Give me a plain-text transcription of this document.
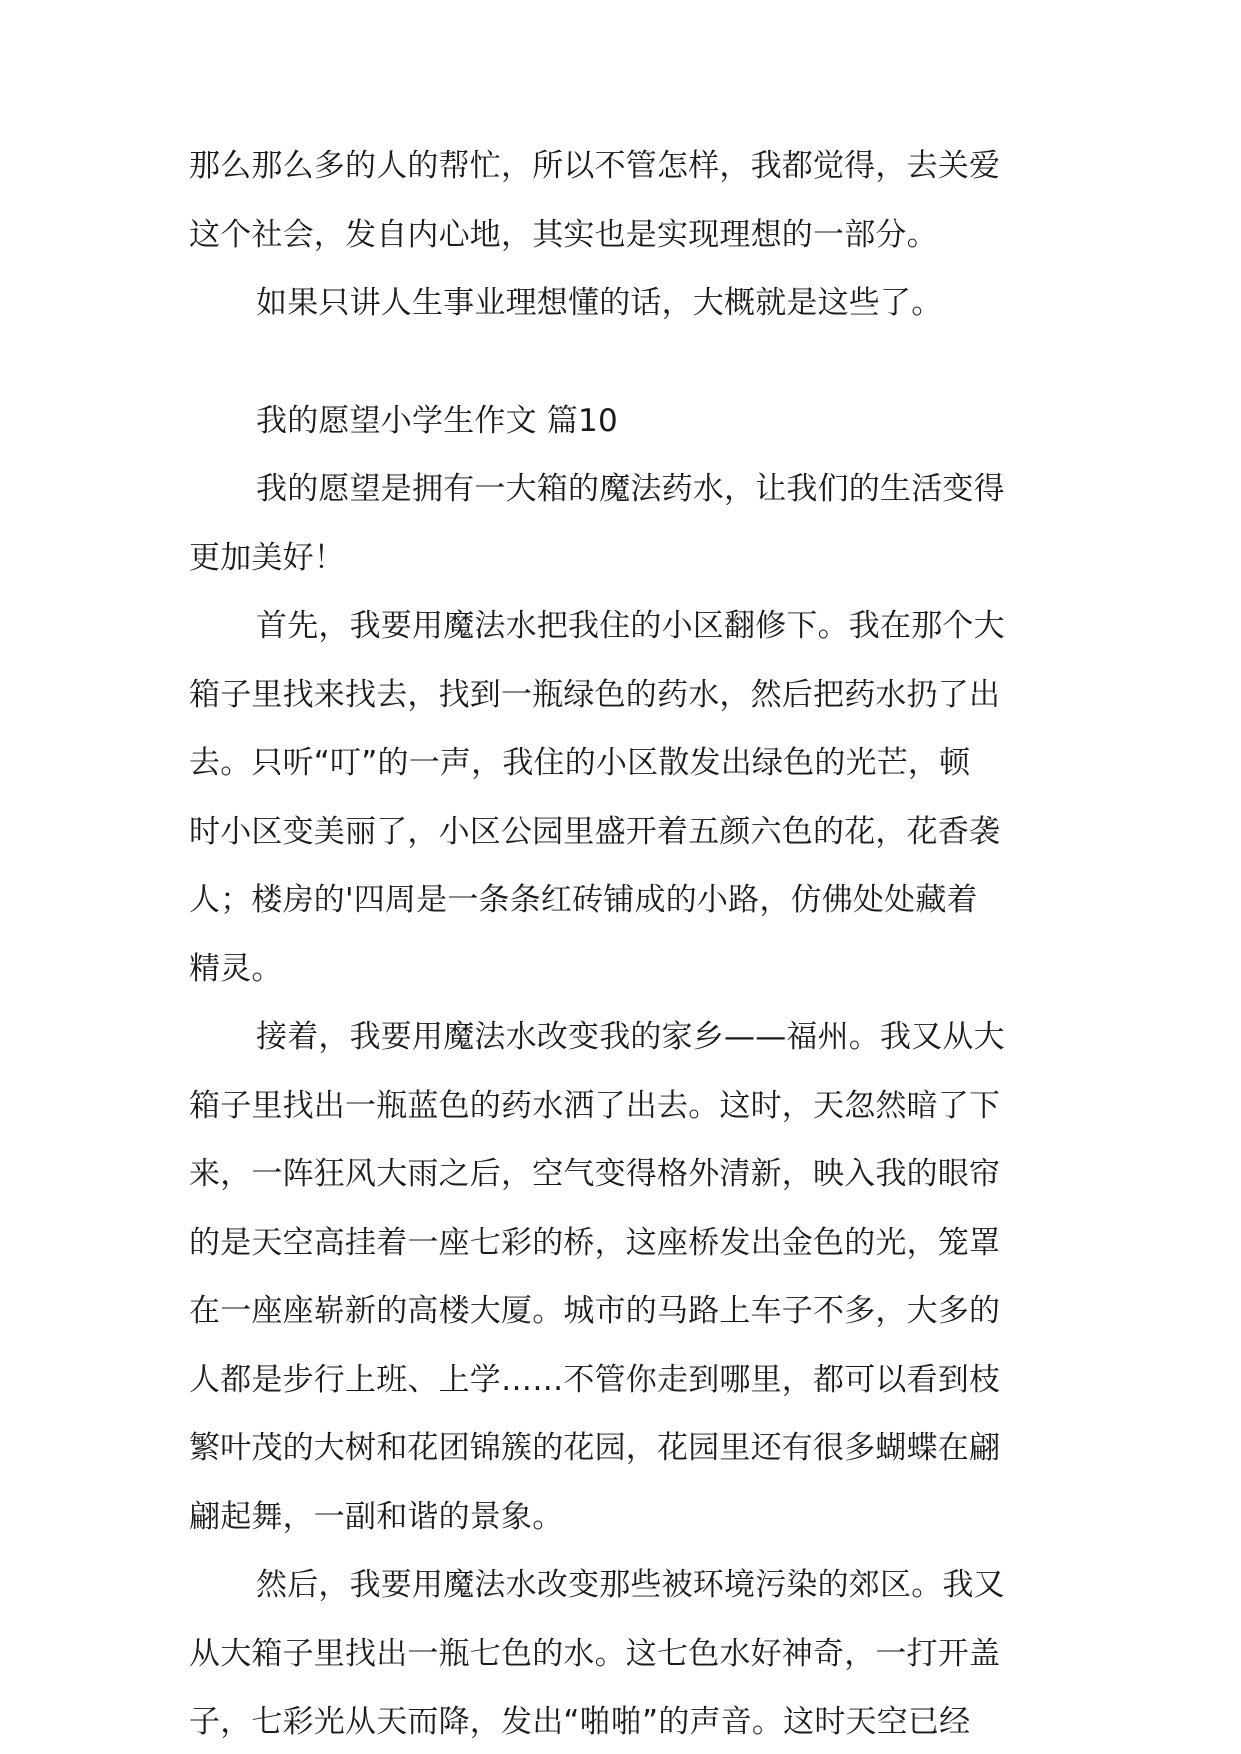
那么那么多的人的帮忙，所以不管怎样，我都觉得，去关爱
这个社会，发自内心地，其实也是实现理想的一部分。
如果只讲人生事业理想懂的话，大概就是这些了。
我的愿望小学生作文 篇10
我的愿望是拥有一大箱的魔法药水，让我们的生活变得
更加美好！
首先，我要用魔法水把我住的小区翻修下。我在那个大
箱子里找来找去，找到一瓶绿色的药水，然后把药水扔了出
去。只听“叮”的一声，我住的小区散发出绿色的光芒，顿
时小区变美丽了，小区公园里盛开着五颜六色的花，花香袭
人；楼房的'四周是一条条红砖铺成的小路，仿佛处处藏着
精灵。
接着，我要用魔法水改变我的家乡——福州。我又从大
箱子里找出一瓶蓝色的药水洒了出去。这时，天忽然暗了下
来，一阵狂风大雨之后，空气变得格外清新，映入我的眼帘
的是天空高挂着一座七彩的桥，这座桥发出金色的光，笼罩
在一座座崭新的高楼大厦。城市的马路上车子不多，大多的
人都是步行上班、上学……不管你走到哪里，都可以看到枝
繁叶茂的大树和花团锦簇的花园，花园里还有很多蝴蝶在翩
翩起舞，一副和谐的景象。
然后，我要用魔法水改变那些被环境污染的郊区。我又
从大箱子里找出一瓶七色的水。这七色水好神奇，一打开盖
子，七彩光从天而降，发出“啪啪”的声音。这时天空已经
